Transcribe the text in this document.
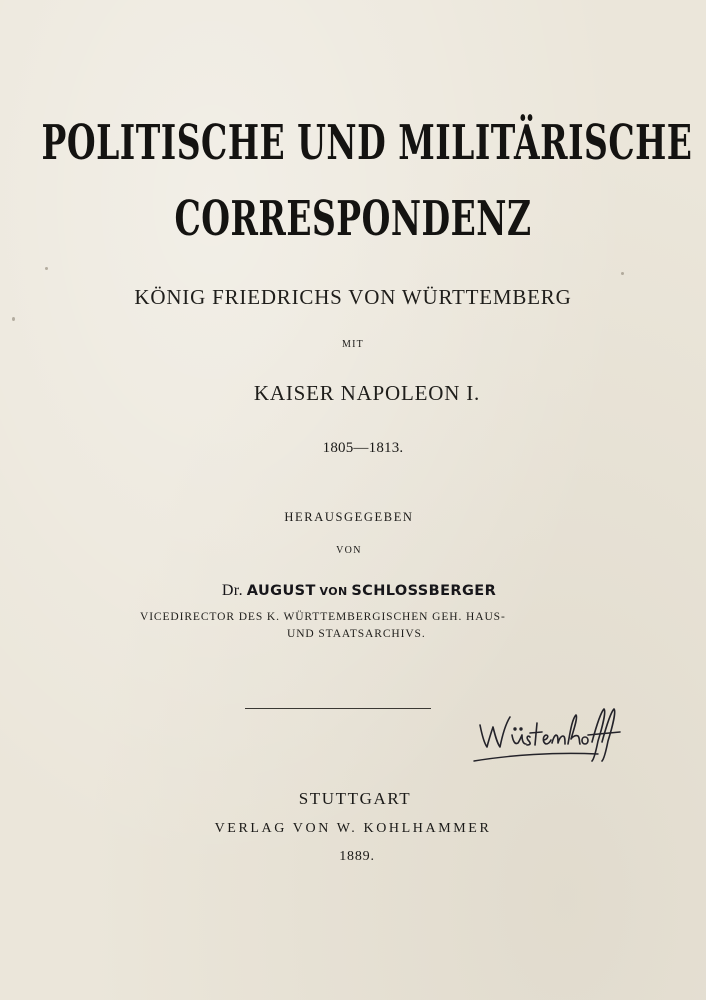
POLITISCHE UND MILITÄRISCHE

CORRESPONDENZ

KÖNIG FRIEDRICHS VON WÜRTTEMBERG

MIT

KAISER NAPOLEON I.

1805—1813.

HERAUSGEGEBEN

VON

Dr. AUGUST VON SCHLOSSBERGER

VICEDIRECTOR DES K. WÜRTTEMBERGISCHEN GEH. HAUS-

UND STAATSARCHIVS.

STUTTGART

VERLAG VON W. KOHLHAMMER

1889.
